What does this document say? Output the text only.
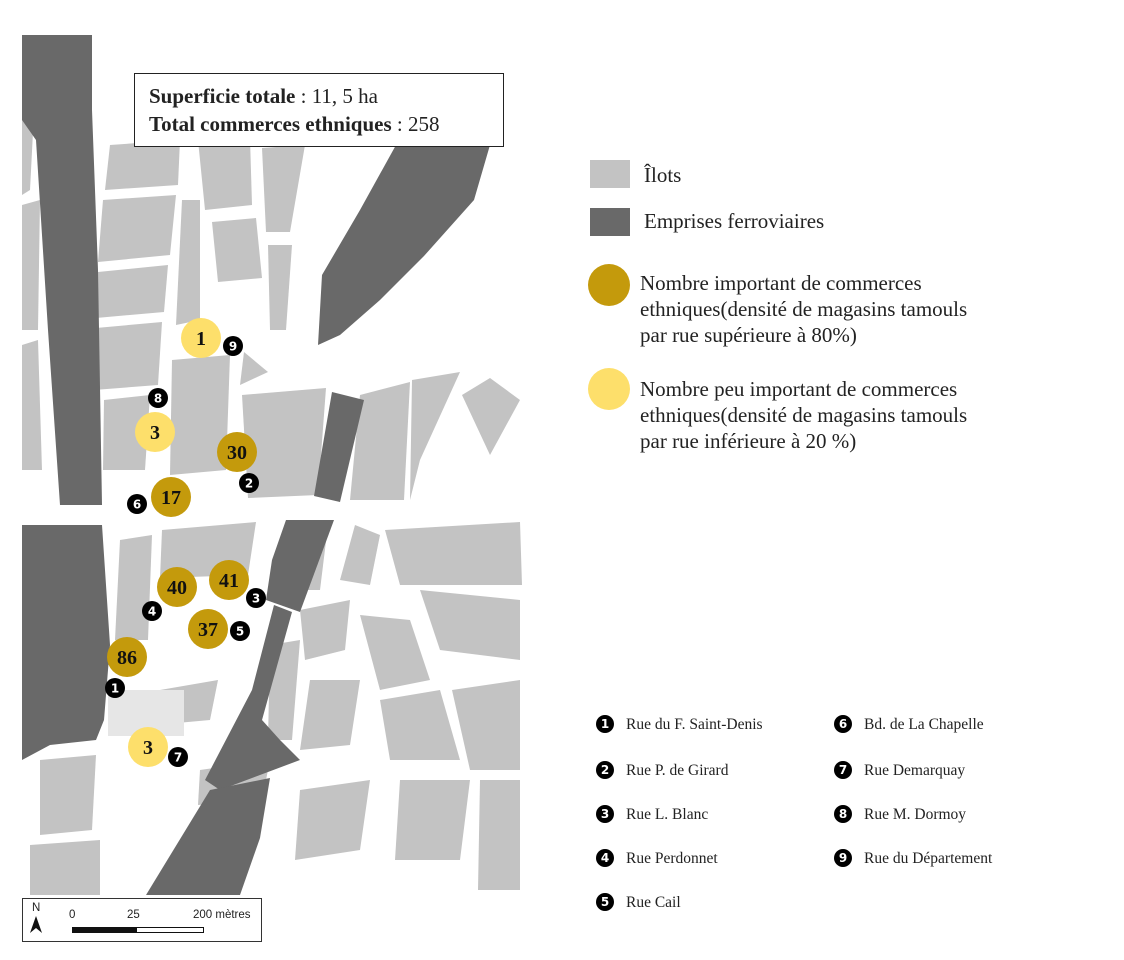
1
3
30
17
40 41
37
86
3
1
2
3
4
5
6
7
8
9
Superficie totale : 11, 5 ha
Total commerces ethniques : 258
Îlots
Emprises ferroviaires
Nombre important de commerces
ethniques(densité de magasins tamouls
par rue supérieure à 80%)
Nombre peu important de commerces
ethniques(densité de magasins tamouls
par rue inférieure à 20 %)
1	Rue du F. Saint-Denis
2	Rue P. de Girard
3	Rue L. Blanc
4	Rue Perdonnet
5	Rue Cail
6	Bd. de La Chapelle
7	Rue Demarquay
8	Rue M. Dormoy
9	Rue du Département
N
0	25	200 mètres
